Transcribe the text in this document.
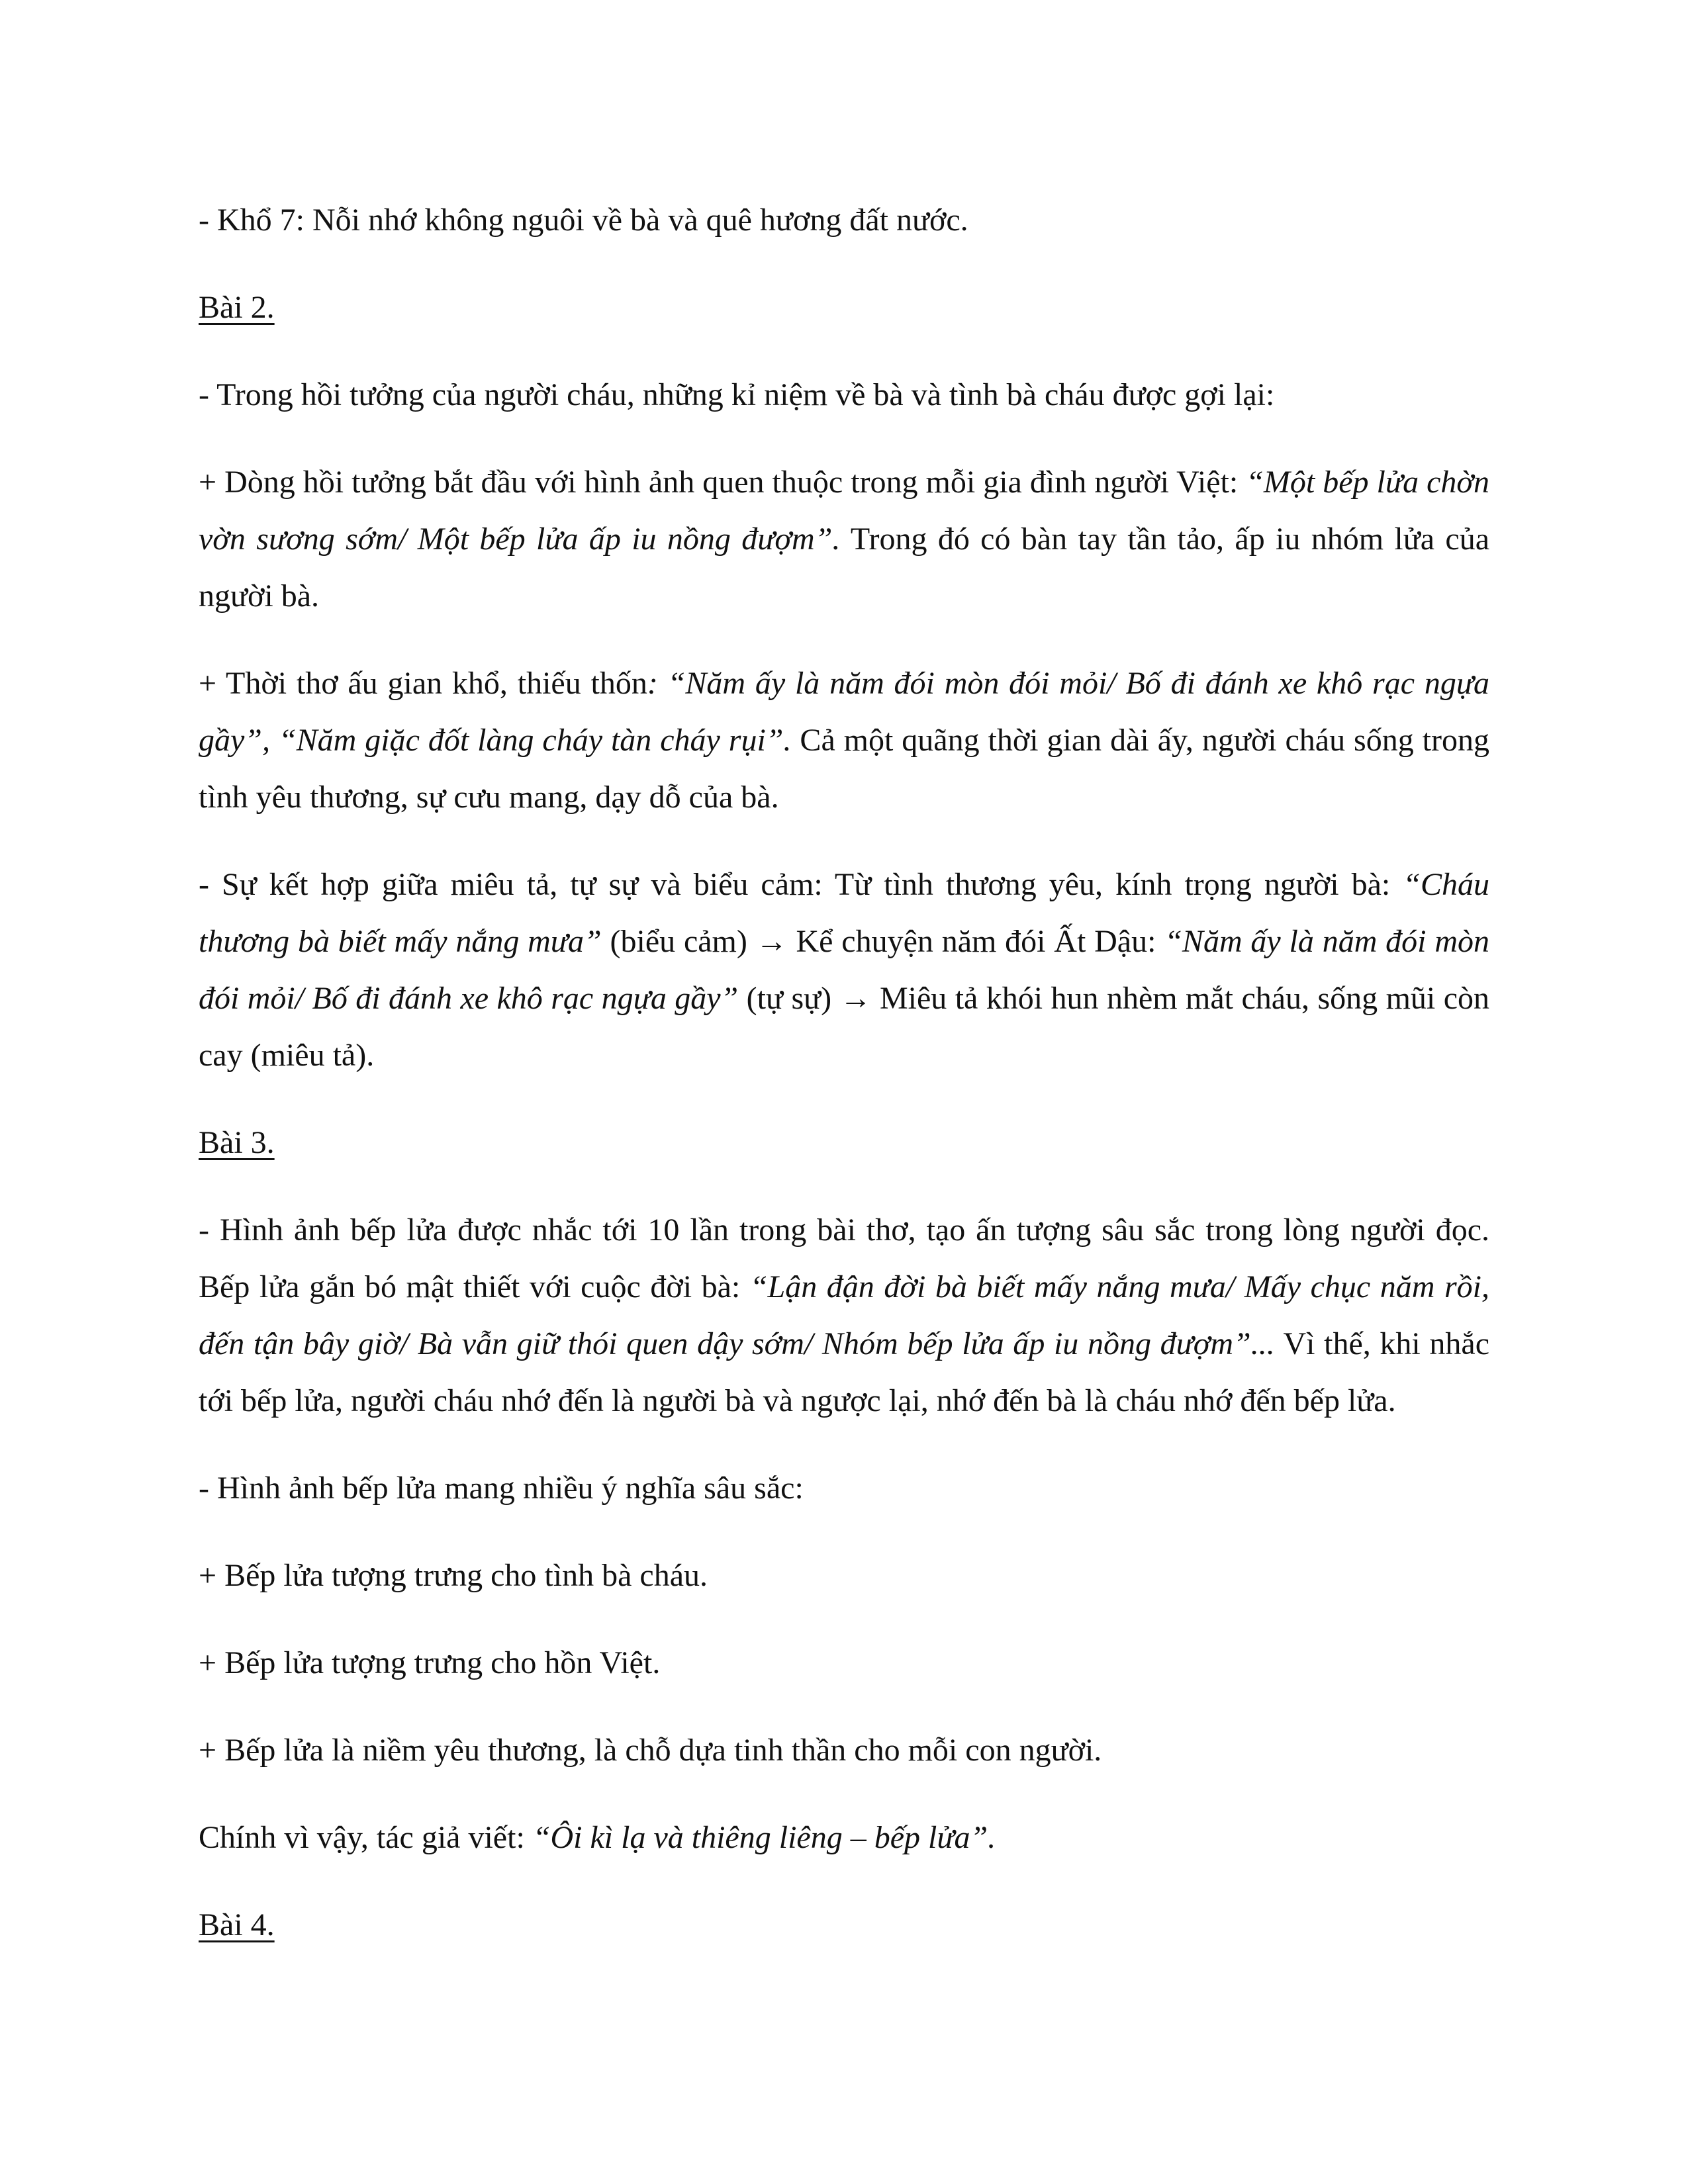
- Khổ 7: Nỗi nhớ không nguôi về bà và quê hương đất nước.

Bài 2.

- Trong hồi tưởng của người cháu, những kỉ niệm về bà và tình bà cháu được gợi lại:

+ Dòng hồi tưởng bắt đầu với hình ảnh quen thuộc trong mỗi gia đình người Việt: “Một bếp lửa chờn vờn sương sớm/ Một bếp lửa ấp iu nồng đượm”. Trong đó có bàn tay tần tảo, ấp iu nhóm lửa của người bà.

+ Thời thơ ấu gian khổ, thiếu thốn: “Năm ấy là năm đói mòn đói mỏi/ Bố đi đánh xe khô rạc ngựa gầy”, “Năm giặc đốt làng cháy tàn cháy rụi”. Cả một quãng thời gian dài ấy, người cháu sống trong tình yêu thương, sự cưu mang, dạy dỗ của bà.

- Sự kết hợp giữa miêu tả, tự sự và biểu cảm: Từ tình thương yêu, kính trọng người bà: “Cháu thương bà biết mấy nắng mưa” (biểu cảm) → Kể chuyện năm đói Ất Dậu: “Năm ấy là năm đói mòn đói mỏi/ Bố đi đánh xe khô rạc ngựa gầy” (tự sự) → Miêu tả khói hun nhèm mắt cháu, sống mũi còn cay (miêu tả).

Bài 3.

- Hình ảnh bếp lửa được nhắc tới 10 lần trong bài thơ, tạo ấn tượng sâu sắc trong lòng người đọc. Bếp lửa gắn bó mật thiết với cuộc đời bà: “Lận đận đời bà biết mấy nắng mưa/ Mấy chục năm rồi, đến tận bây giờ/ Bà vẫn giữ thói quen dậy sớm/ Nhóm bếp lửa ấp iu nồng đượm”... Vì thế, khi nhắc tới bếp lửa, người cháu nhớ đến là người bà và ngược lại, nhớ đến bà là cháu nhớ đến bếp lửa.

- Hình ảnh bếp lửa mang nhiều ý nghĩa sâu sắc:

+ Bếp lửa tượng trưng cho tình bà cháu.

+ Bếp lửa tượng trưng cho hồn Việt.

+ Bếp lửa là niềm yêu thương, là chỗ dựa tinh thần cho mỗi con người.

Chính vì vậy, tác giả viết: “Ôi kì lạ và thiêng liêng – bếp lửa”.

Bài 4.
